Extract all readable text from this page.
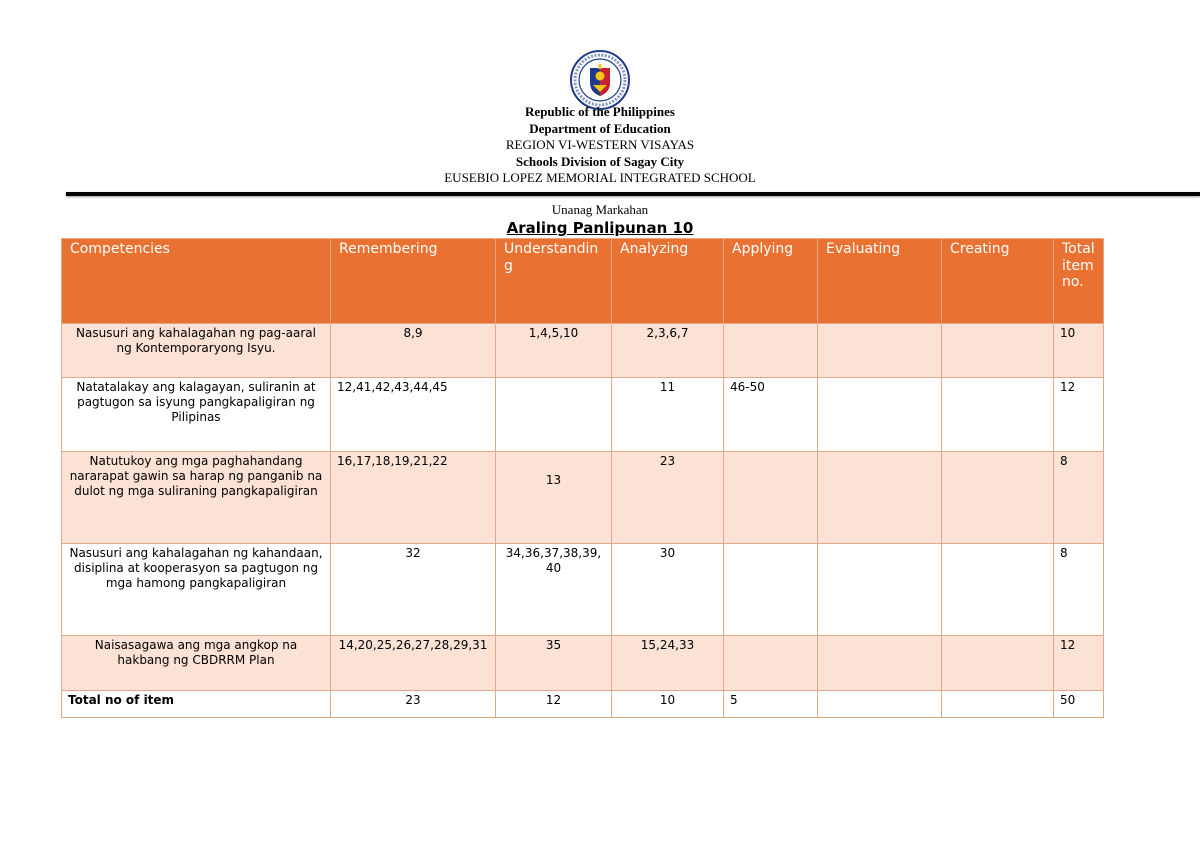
Republic of the Philippines
Department of Education
REGION VI-WESTERN VISAYAS
Schools Division of Sagay City
EUSEBIO LOPEZ MEMORIAL INTEGRATED SCHOOL
Unanag Markahan
Araling Panlipunan 10
Competencies	Remembering	Understanding	Analyzing	Applying	Evaluating	Creating	Total item no.
Nasusuri ang kahalagahan ng pag-aaral ng Kontemporaryong Isyu.	8,9	1,4,5,10	2,3,6,7				10
Natatalakay ang kalagayan, suliranin at pagtugon sa isyung pangkapaligiran ng Pilipinas	12,41,42,43,44,45		11	46-50			12
Natutukoy ang mga paghahandang nararapat gawin sa harap ng panganib na dulot ng mga suliraning pangkapaligiran	16,17,18,19,21,22	13	23				8
Nasusuri ang kahalagahan ng kahandaan, disiplina at kooperasyon sa pagtugon ng mga hamong pangkapaligiran	32	34,36,37,38,39,40	30				8
Naisasagawa ang mga angkop na hakbang ng CBDRRM Plan	14,20,25,26,27,28,29,31	35	15,24,33				12
Total no of item	23	12	10	5			50
